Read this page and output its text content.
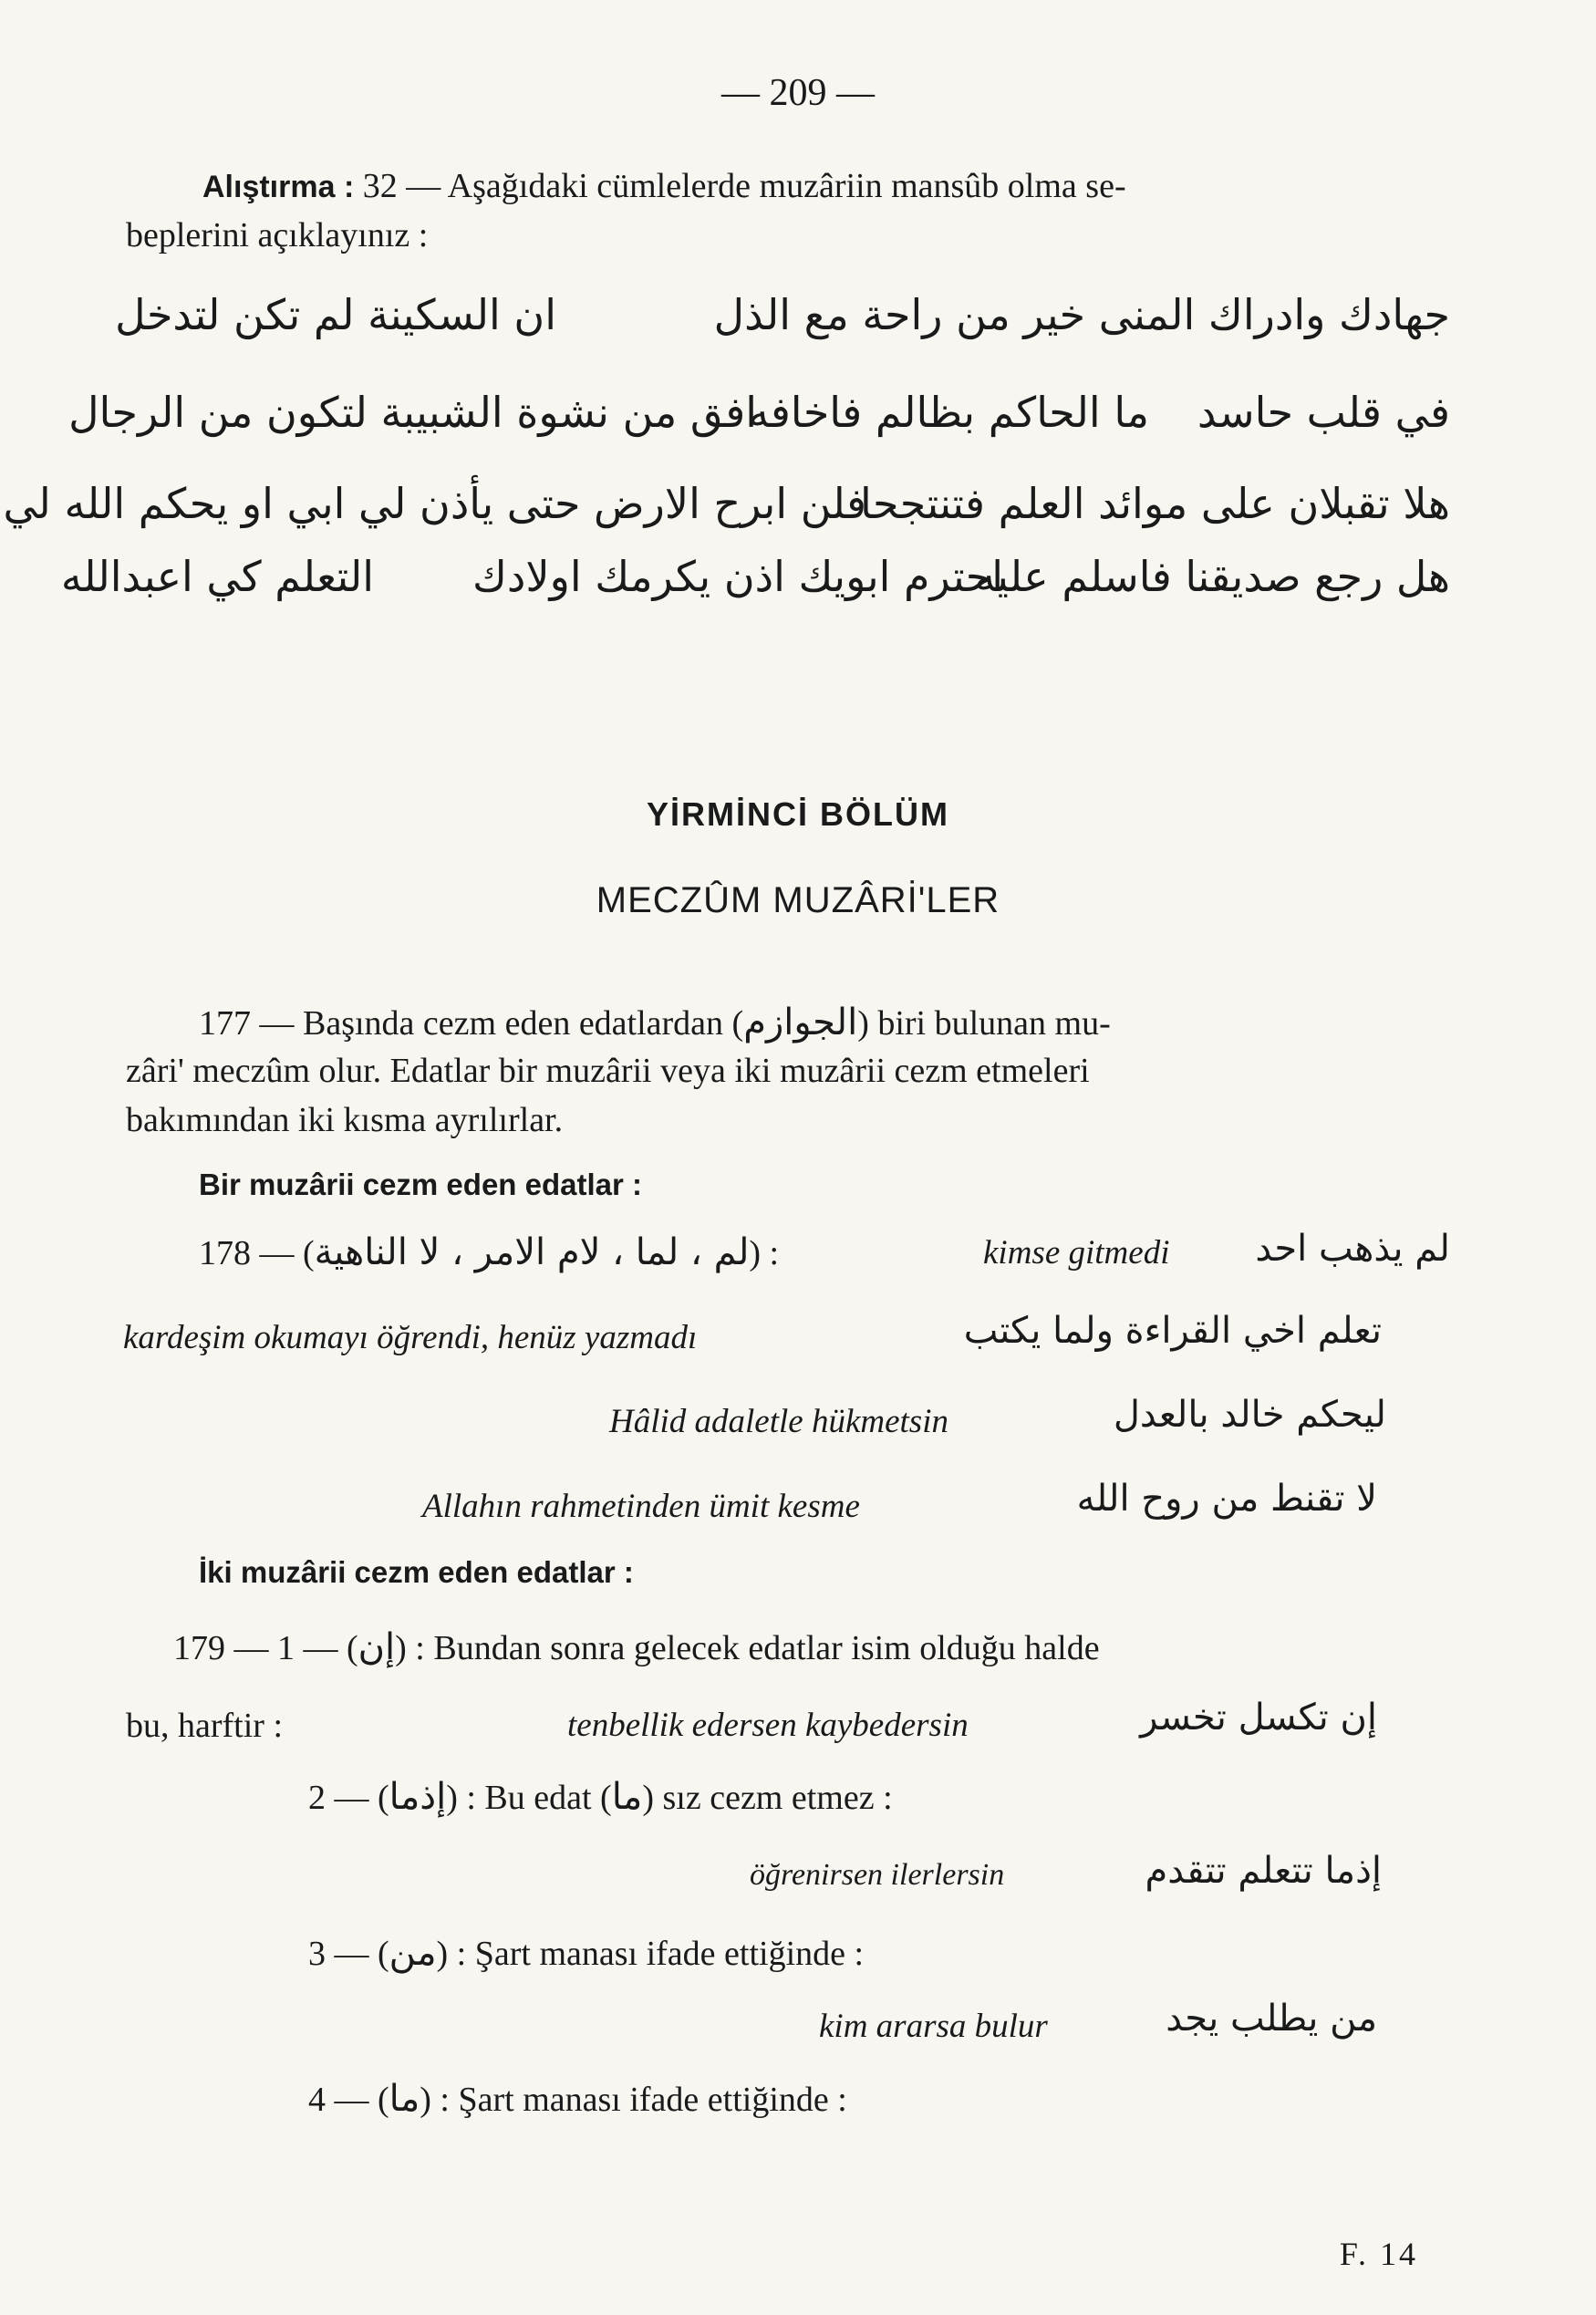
— 209 —
Alıştırma : 32 — Aşağıdaki cümlelerde muzâriin mansûb olma se-
beplerini açıklayınız :
جهادك وادراك المنى خير من راحة مع الذل
ان السكينة لم تكن لتدخل
في قلب حاسد
ما الحاكم بظالم فاخافه
افق من نشوة الشبيبة لتكون من الرجال
هلا تقبلان على موائد العلم فتنتجحا
فلن ابرح الارض حتى يأذن لي ابي او يحكم الله لي
هل رجع صديقنا فاسلم عليه
احترم ابويك اذن يكرمك اولادك
التعلم كي اعبدالله
YİRMİNCİ BÖLÜM
MECZÛM MUZÂRİ'LER
177 — Başında cezm eden edatlardan (الجوازم) biri bulunan mu-
zâri' meczûm olur. Edatlar bir muzârii veya iki muzârii cezm etmeleri
bakımından iki kısma ayrılırlar.
Bir muzârii cezm eden edatlar :
178 — (لم ، لما ، لام الامر ، لا الناهية) :	kimse gitmedi لم يذهب احد
kardeşim okumayı öğrendi, henüz yazmadı	تعلم اخي القراءة ولما يكتب
Hâlid adaletle hükmetsin	ليحكم خالد بالعدل
Allahın rahmetinden ümit kesme	لا تقنط من روح الله
İki muzârii cezm eden edatlar :
179 — 1 — (إن) : Bundan sonra gelecek edatlar isim olduğu halde
bu, harftir :	tenbellik edersen kaybedersin	إن تكسل تخسر
2 — (إذما) : Bu edat (ما) sız cezm etmez :
öğrenirsen ilerlersin	إذما تتعلم تتقدم
3 — (من) : Şart manası ifade ettiğinde :
kim ararsa bulur	من يطلب يجد
4 — (ما) : Şart manası ifade ettiğinde :
F. 14
